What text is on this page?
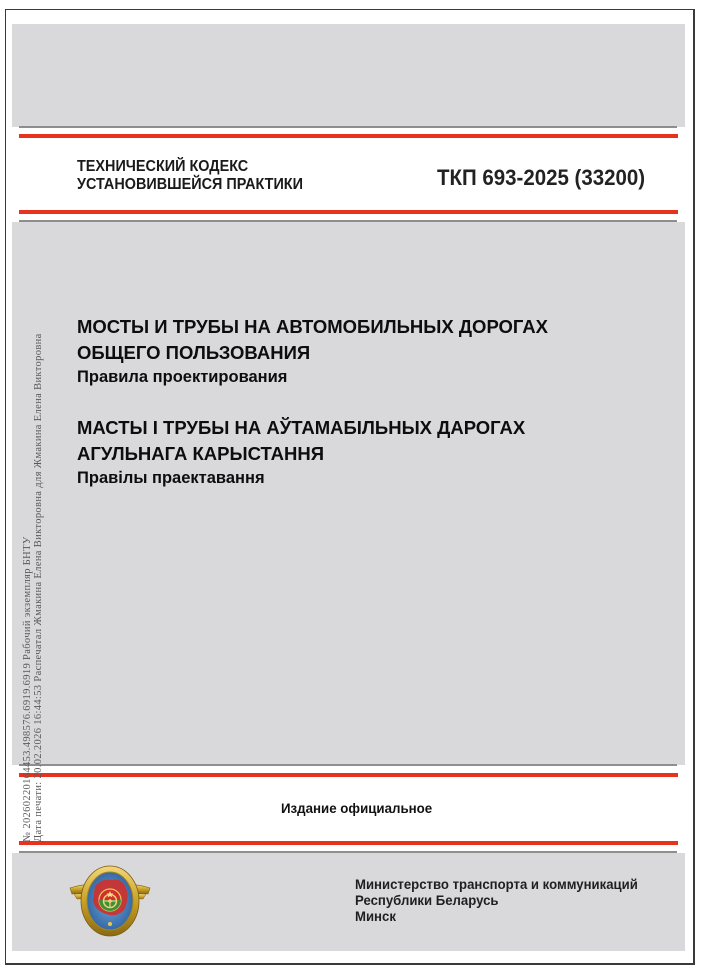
ТЕХНИЧЕСКИЙ КОДЕКС
УСТАНОВИВШЕЙСЯ ПРАКТИКИ	ТКП 693-2025 (33200)
МОСТЫ И ТРУБЫ НА АВТОМОБИЛЬНЫХ ДОРОГАХ
ОБЩЕГО ПОЛЬЗОВАНИЯ
Правила проектирования
МАСТЫ І ТРУБЫ НА АЎТАМАБІЛЬНЫХ ДАРОГАХ
АГУЛЬНАГА КАРЫСТАННЯ
Правілы праектавання
Издание официальное
Министерство транспорта и коммуникаций
Республики Беларусь
Минск
№ 20260220164453.498576.6919.6919 Рабочий экземпляр БНТУ Дата печати: 20.02.2026 16:44:53 Распечатал Жмакина Елена Викторовна для Жмакина Елена Викторовна
